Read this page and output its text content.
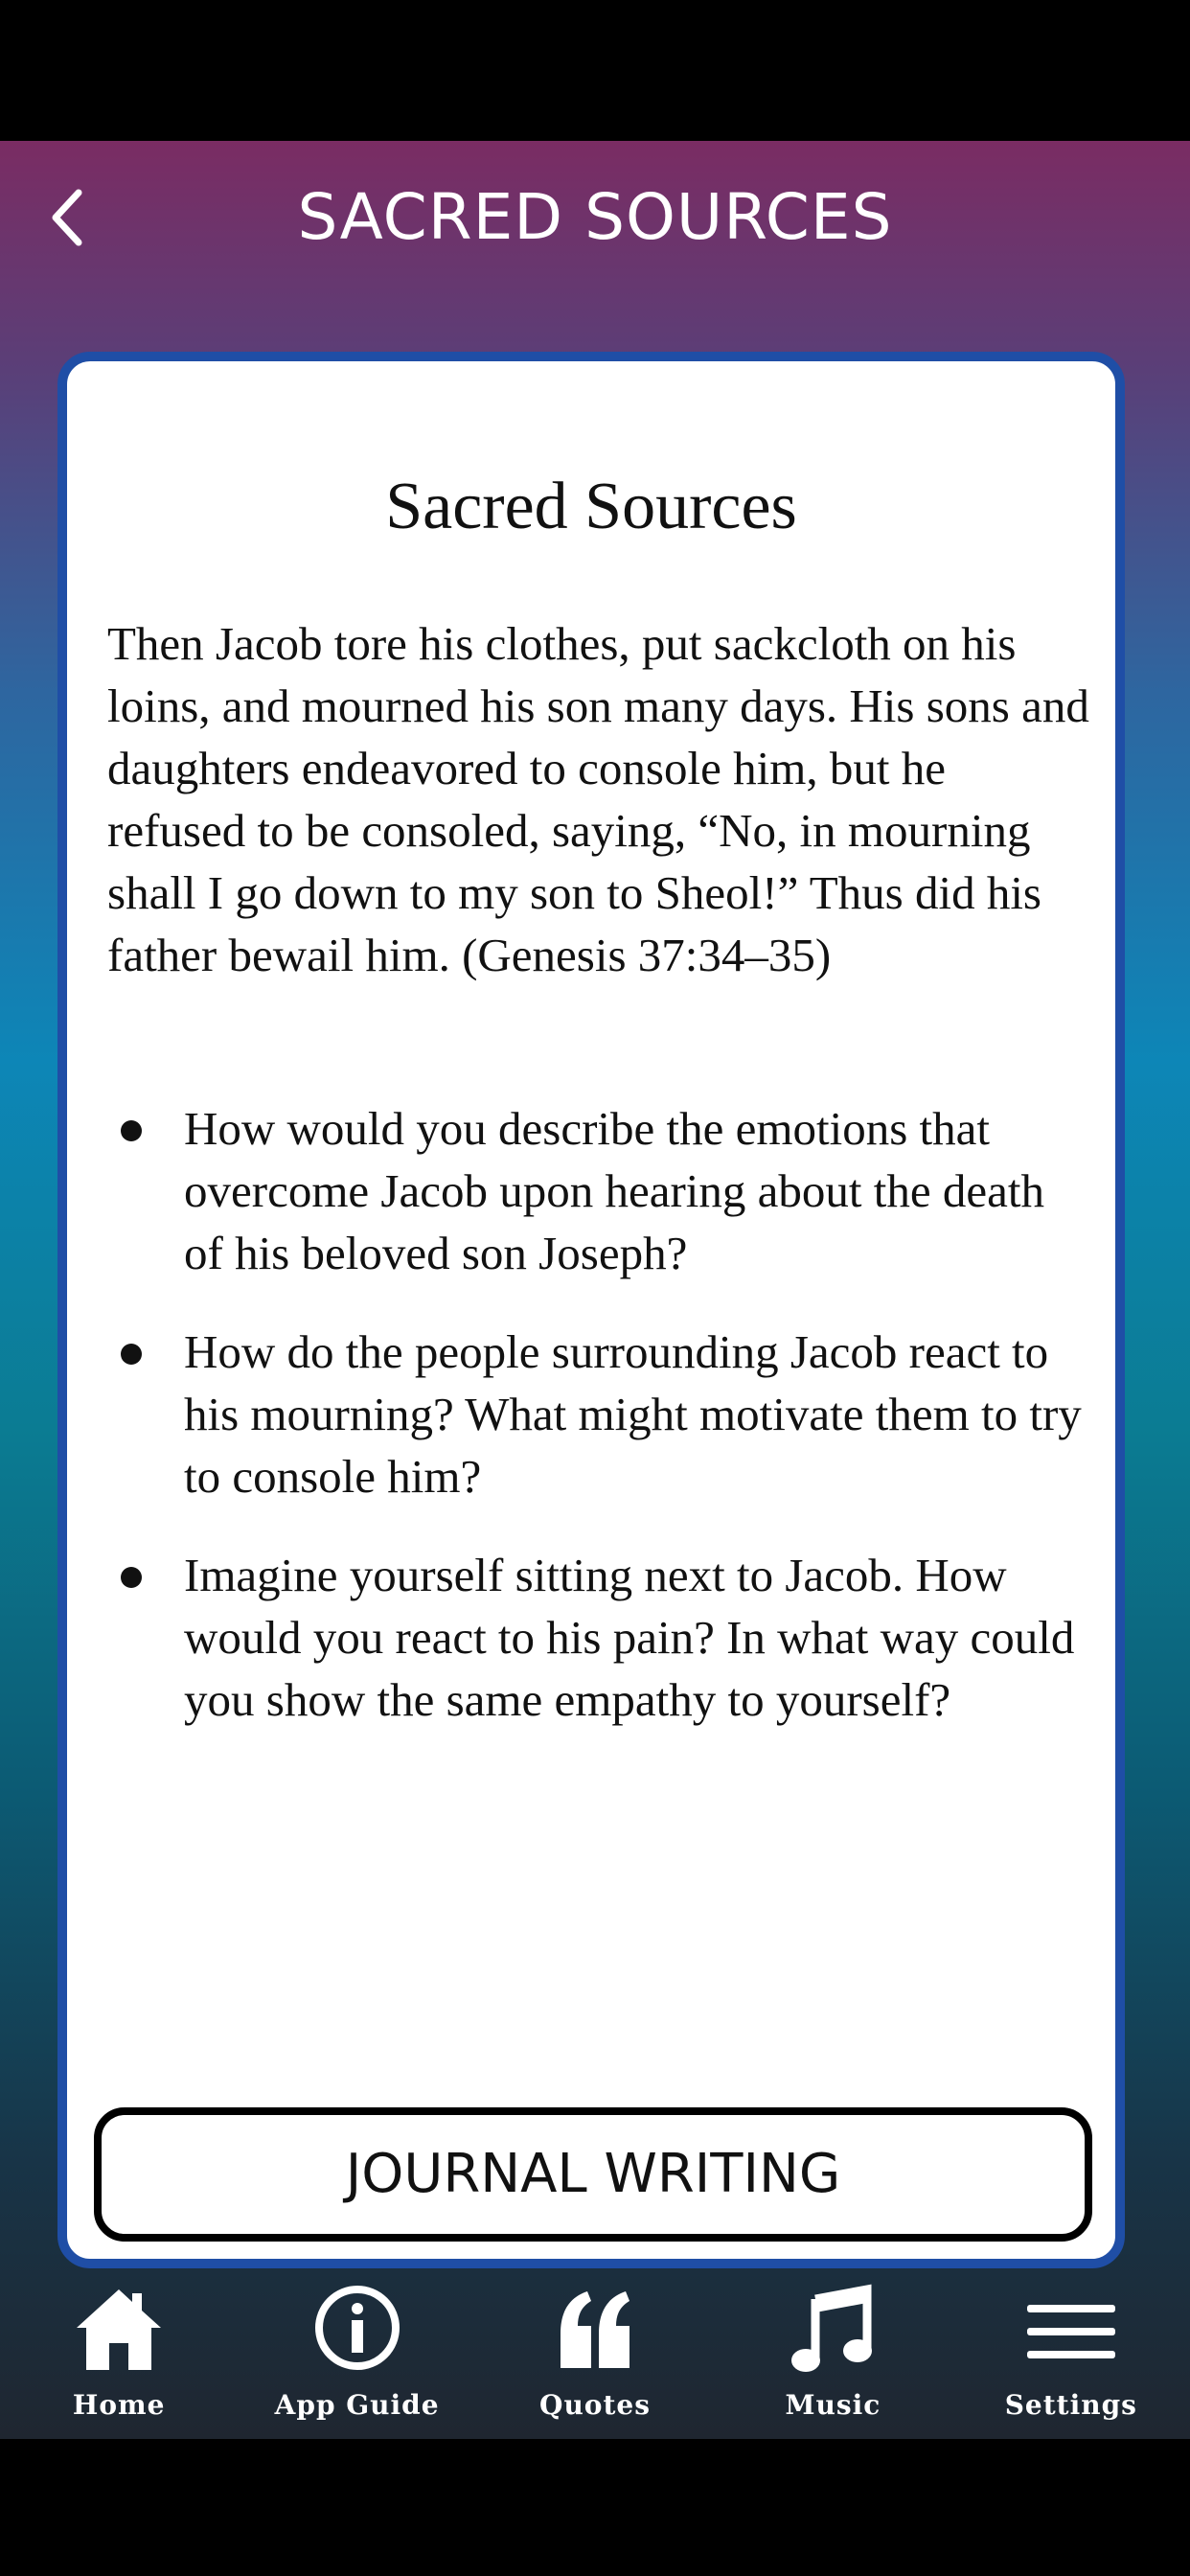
SACRED SOURCES
Sacred Sources

Then Jacob tore his clothes, put sackcloth on his loins, and mourned his son many days. His sons and daughters endeavored to console him, but he refused to be consoled, saying, “No, in mourning shall I go down to my son to Sheol!” Thus did his father bewail him. (Genesis 37:34–35)

How would you describe the emotions that overcome Jacob upon hearing about the death of his beloved son Joseph?
How do the people surrounding Jacob react to his mourning? What might motivate them to try to console him?
Imagine yourself sitting next to Jacob. How would you react to his pain? In what way could you show the same empathy to yourself?
JOURNAL WRITING
Home	App Guide	Quotes	Music	Settings
